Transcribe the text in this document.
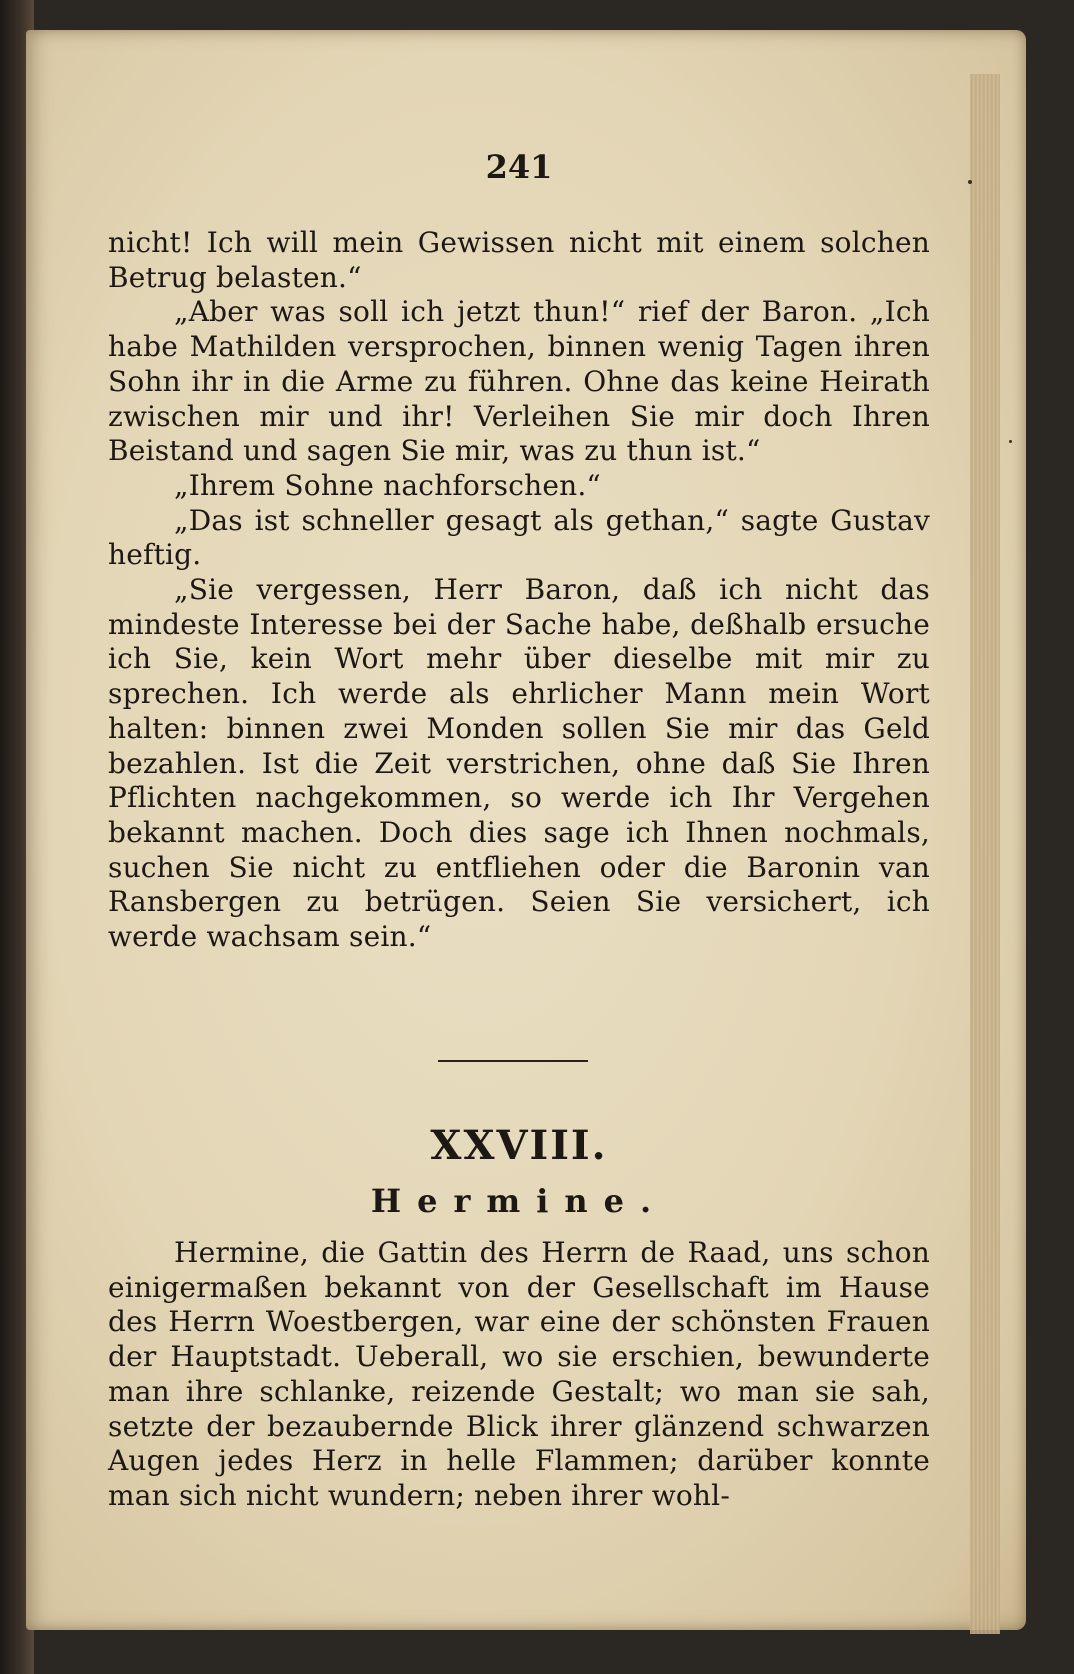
241

nicht! Ich will mein Gewissen nicht mit einem solchen Betrug belasten.“

„Aber was soll ich jetzt thun!“ rief der Baron. „Ich habe Mathilden versprochen, binnen wenig Tagen ihren Sohn ihr in die Arme zu führen. Ohne das keine Heirath zwischen mir und ihr! Verleihen Sie mir doch Ihren Beistand und sagen Sie mir, was zu thun ist.“

„Ihrem Sohne nachforschen.“

„Das ist schneller gesagt als gethan,“ sagte Gustav heftig.

„Sie vergessen, Herr Baron, daß ich nicht das mindeste Interesse bei der Sache habe, deßhalb ersuche ich Sie, kein Wort mehr über dieselbe mit mir zu sprechen. Ich werde als ehrlicher Mann mein Wort halten: binnen zwei Monden sollen Sie mir das Geld bezahlen. Ist die Zeit verstrichen, ohne daß Sie Ihren Pflichten nachgekommen, so werde ich Ihr Vergehen bekannt machen. Doch dies sage ich Ihnen nochmals, suchen Sie nicht zu entfliehen oder die Baronin van Ransbergen zu betrügen. Seien Sie versichert, ich werde wachsam sein.“

XXVIII.
Hermine.

Hermine, die Gattin des Herrn de Raad, uns schon einigermaßen bekannt von der Gesellschaft im Hause des Herrn Woestbergen, war eine der schönsten Frauen der Hauptstadt. Ueberall, wo sie erschien, bewunderte man ihre schlanke, reizende Gestalt; wo man sie sah, setzte der bezaubernde Blick ihrer glänzend schwarzen Augen jedes Herz in helle Flammen; darüber konnte man sich nicht wundern; neben ihrer wohl-
